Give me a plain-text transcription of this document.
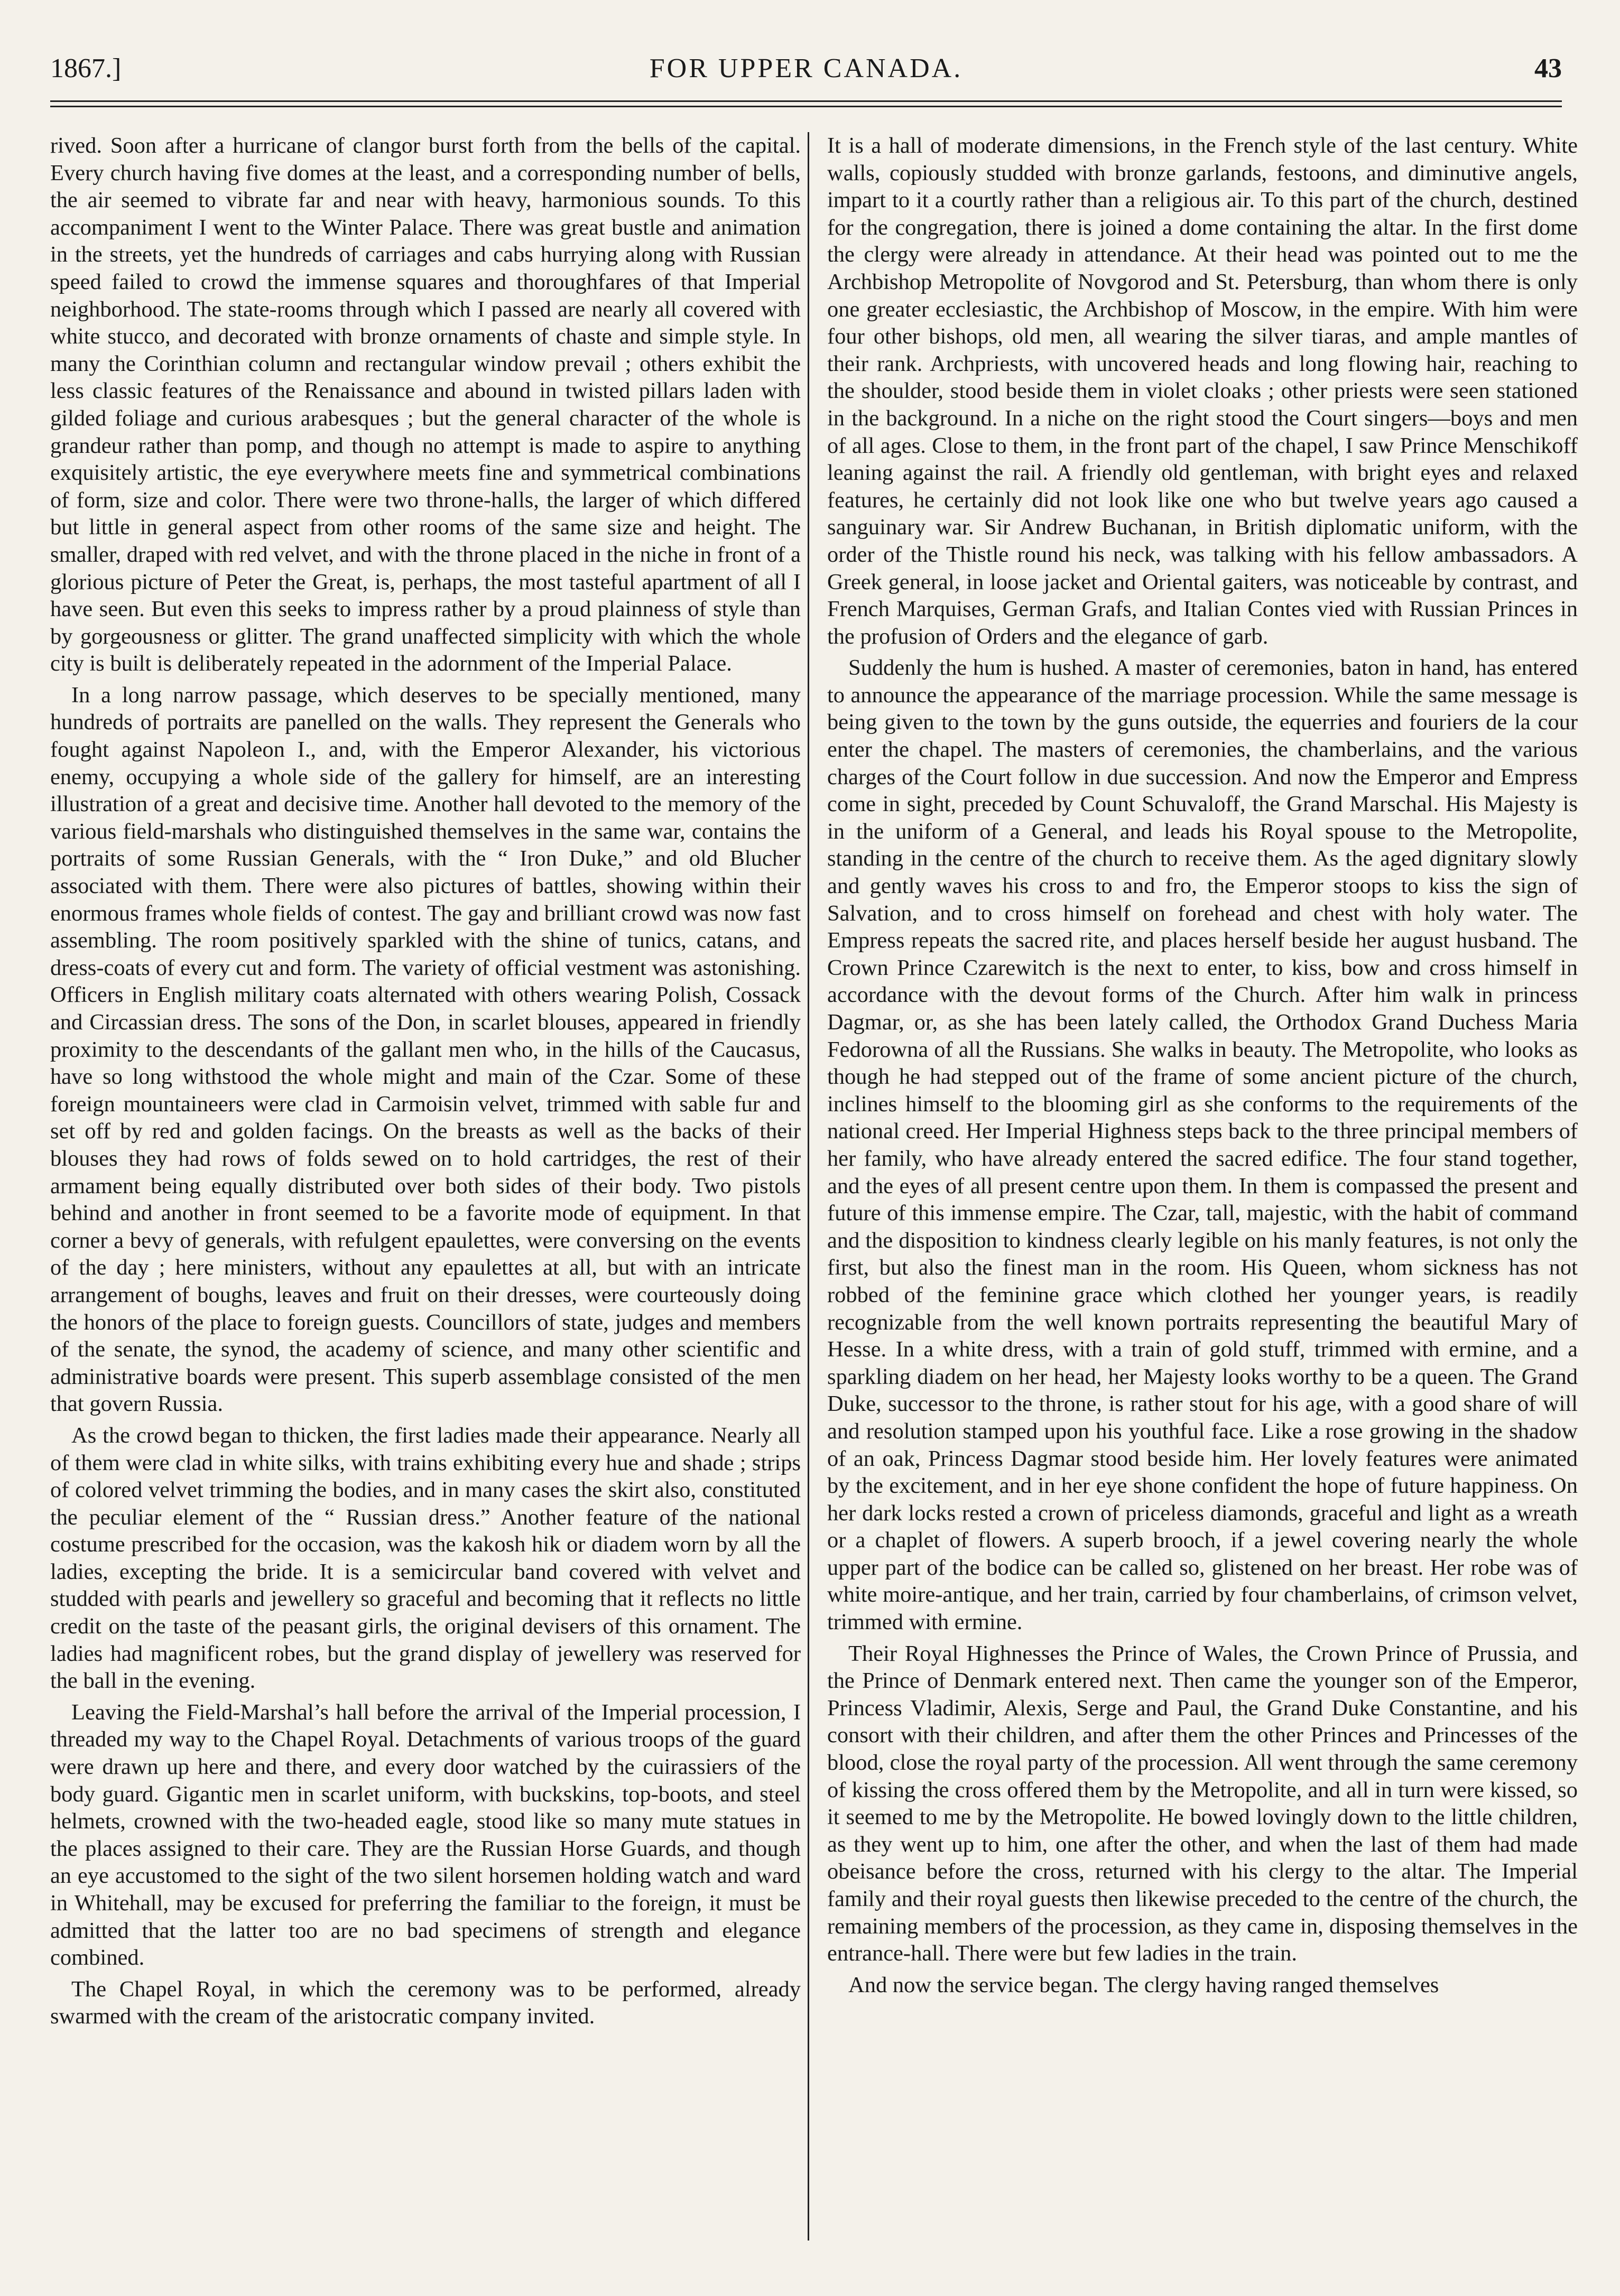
1867.]	FOR UPPER CANADA.	43

rived. Soon after a hurricane of clangor burst forth from the bells of the capital. Every church having five domes at the least, and a corresponding number of bells, the air seemed to vibrate far and near with heavy, harmonious sounds. To this accompaniment I went to the Winter Palace. There was great bustle and animation in the streets, yet the hundreds of carriages and cabs hurrying along with Russian speed failed to crowd the immense squares and thoroughfares of that Imperial neighborhood. The state-rooms through which I passed are nearly all covered with white stucco, and decorated with bronze ornaments of chaste and simple style. In many the Corinthian column and rectangular window prevail ; others exhibit the less classic features of the Renaissance and abound in twisted pillars laden with gilded foliage and curious arabesques ; but the general character of the whole is grandeur rather than pomp, and though no attempt is made to aspire to anything exquisitely artistic, the eye everywhere meets fine and symmetrical combinations of form, size and color. There were two throne-halls, the larger of which differed but little in general aspect from other rooms of the same size and height. The smaller, draped with red velvet, and with the throne placed in the niche in front of a glorious picture of Peter the Great, is, perhaps, the most tasteful apartment of all I have seen. But even this seeks to impress rather by a proud plainness of style than by gorgeousness or glitter. The grand unaffected simplicity with which the whole city is built is deliberately repeated in the adornment of the Imperial Palace.

In a long narrow passage, which deserves to be specially mentioned, many hundreds of portraits are panelled on the walls. They represent the Generals who fought against Napoleon I., and, with the Emperor Alexander, his victorious enemy, occupying a whole side of the gallery for himself, are an interesting illustration of a great and decisive time. Another hall devoted to the memory of the various field-marshals who distinguished themselves in the same war, contains the portraits of some Russian Generals, with the “ Iron Duke,” and old Blucher associated with them. There were also pictures of battles, showing within their enormous frames whole fields of contest. The gay and brilliant crowd was now fast assembling. The room positively sparkled with the shine of tunics, catans, and dress-coats of every cut and form. The variety of official vestment was astonishing. Officers in English military coats alternated with others wearing Polish, Cossack and Circassian dress. The sons of the Don, in scarlet blouses, appeared in friendly proximity to the descendants of the gallant men who, in the hills of the Caucasus, have so long withstood the whole might and main of the Czar. Some of these foreign mountaineers were clad in Carmoisin velvet, trimmed with sable fur and set off by red and golden facings. On the breasts as well as the backs of their blouses they had rows of folds sewed on to hold cartridges, the rest of their armament being equally distributed over both sides of their body. Two pistols behind and another in front seemed to be a favorite mode of equipment. In that corner a bevy of generals, with refulgent epaulettes, were conversing on the events of the day ; here ministers, without any epaulettes at all, but with an intricate arrangement of boughs, leaves and fruit on their dresses, were courteously doing the honors of the place to foreign guests. Councillors of state, judges and members of the senate, the synod, the academy of science, and many other scientific and administrative boards were present. This superb assemblage consisted of the men that govern Russia.

As the crowd began to thicken, the first ladies made their appearance. Nearly all of them were clad in white silks, with trains exhibiting every hue and shade ; strips of colored velvet trimming the bodies, and in many cases the skirt also, constituted the peculiar element of the “ Russian dress.” Another feature of the national costume prescribed for the occasion, was the kakosh hik or diadem worn by all the ladies, excepting the bride. It is a semicircular band covered with velvet and studded with pearls and jewellery so graceful and becoming that it reflects no little credit on the taste of the peasant girls, the original devisers of this ornament. The ladies had magnificent robes, but the grand display of jewellery was reserved for the ball in the evening.

Leaving the Field-Marshal’s hall before the arrival of the Imperial procession, I threaded my way to the Chapel Royal. Detachments of various troops of the guard were drawn up here and there, and every door watched by the cuirassiers of the body guard. Gigantic men in scarlet uniform, with buckskins, top-boots, and steel helmets, crowned with the two-headed eagle, stood like so many mute statues in the places assigned to their care. They are the Russian Horse Guards, and though an eye accustomed to the sight of the two silent horsemen holding watch and ward in Whitehall, may be excused for preferring the familiar to the foreign, it must be admitted that the latter too are no bad specimens of strength and elegance combined.

The Chapel Royal, in which the ceremony was to be performed, already swarmed with the cream of the aristocratic company invited.

It is a hall of moderate dimensions, in the French style of the last century. White walls, copiously studded with bronze garlands, festoons, and diminutive angels, impart to it a courtly rather than a religious air. To this part of the church, destined for the congregation, there is joined a dome containing the altar. In the first dome the clergy were already in attendance. At their head was pointed out to me the Archbishop Metropolite of Novgorod and St. Petersburg, than whom there is only one greater ecclesiastic, the Archbishop of Moscow, in the empire. With him were four other bishops, old men, all wearing the silver tiaras, and ample mantles of their rank. Archpriests, with uncovered heads and long flowing hair, reaching to the shoulder, stood beside them in violet cloaks ; other priests were seen stationed in the background. In a niche on the right stood the Court singers—boys and men of all ages. Close to them, in the front part of the chapel, I saw Prince Menschikoff leaning against the rail. A friendly old gentleman, with bright eyes and relaxed features, he certainly did not look like one who but twelve years ago caused a sanguinary war. Sir Andrew Buchanan, in British diplomatic uniform, with the order of the Thistle round his neck, was talking with his fellow ambassadors. A Greek general, in loose jacket and Oriental gaiters, was noticeable by contrast, and French Marquises, German Grafs, and Italian Contes vied with Russian Princes in the profusion of Orders and the elegance of garb.

Suddenly the hum is hushed. A master of ceremonies, baton in hand, has entered to announce the appearance of the marriage procession. While the same message is being given to the town by the guns outside, the equerries and fouriers de la cour enter the chapel. The masters of ceremonies, the chamberlains, and the various charges of the Court follow in due succession. And now the Emperor and Empress come in sight, preceded by Count Schuvaloff, the Grand Marschal. His Majesty is in the uniform of a General, and leads his Royal spouse to the Metropolite, standing in the centre of the church to receive them. As the aged dignitary slowly and gently waves his cross to and fro, the Emperor stoops to kiss the sign of Salvation, and to cross himself on forehead and chest with holy water. The Empress repeats the sacred rite, and places herself beside her august husband. The Crown Prince Czarewitch is the next to enter, to kiss, bow and cross himself in accordance with the devout forms of the Church. After him walk in princess Dagmar, or, as she has been lately called, the Orthodox Grand Duchess Maria Fedorowna of all the Russians. She walks in beauty. The Metropolite, who looks as though he had stepped out of the frame of some ancient picture of the church, inclines himself to the blooming girl as she conforms to the requirements of the national creed. Her Imperial Highness steps back to the three principal members of her family, who have already entered the sacred edifice. The four stand together, and the eyes of all present centre upon them. In them is compassed the present and future of this immense empire. The Czar, tall, majestic, with the habit of command and the disposition to kindness clearly legible on his manly features, is not only the first, but also the finest man in the room. His Queen, whom sickness has not robbed of the feminine grace which clothed her younger years, is readily recognizable from the well known portraits representing the beautiful Mary of Hesse. In a white dress, with a train of gold stuff, trimmed with ermine, and a sparkling diadem on her head, her Majesty looks worthy to be a queen. The Grand Duke, successor to the throne, is rather stout for his age, with a good share of will and resolution stamped upon his youthful face. Like a rose growing in the shadow of an oak, Princess Dagmar stood beside him. Her lovely features were animated by the excitement, and in her eye shone confident the hope of future happiness. On her dark locks rested a crown of priceless diamonds, graceful and light as a wreath or a chaplet of flowers. A superb brooch, if a jewel covering nearly the whole upper part of the bodice can be called so, glistened on her breast. Her robe was of white moire-antique, and her train, carried by four chamberlains, of crimson velvet, trimmed with ermine.

Their Royal Highnesses the Prince of Wales, the Crown Prince of Prussia, and the Prince of Denmark entered next. Then came the younger son of the Emperor, Princess Vladimir, Alexis, Serge and Paul, the Grand Duke Constantine, and his consort with their children, and after them the other Princes and Princesses of the blood, close the royal party of the procession. All went through the same ceremony of kissing the cross offered them by the Metropolite, and all in turn were kissed, so it seemed to me by the Metropolite. He bowed lovingly down to the little children, as they went up to him, one after the other, and when the last of them had made obeisance before the cross, returned with his clergy to the altar. The Imperial family and their royal guests then likewise preceded to the centre of the church, the remaining members of the procession, as they came in, disposing themselves in the entrance-hall. There were but few ladies in the train.

And now the service began. The clergy having ranged themselves
